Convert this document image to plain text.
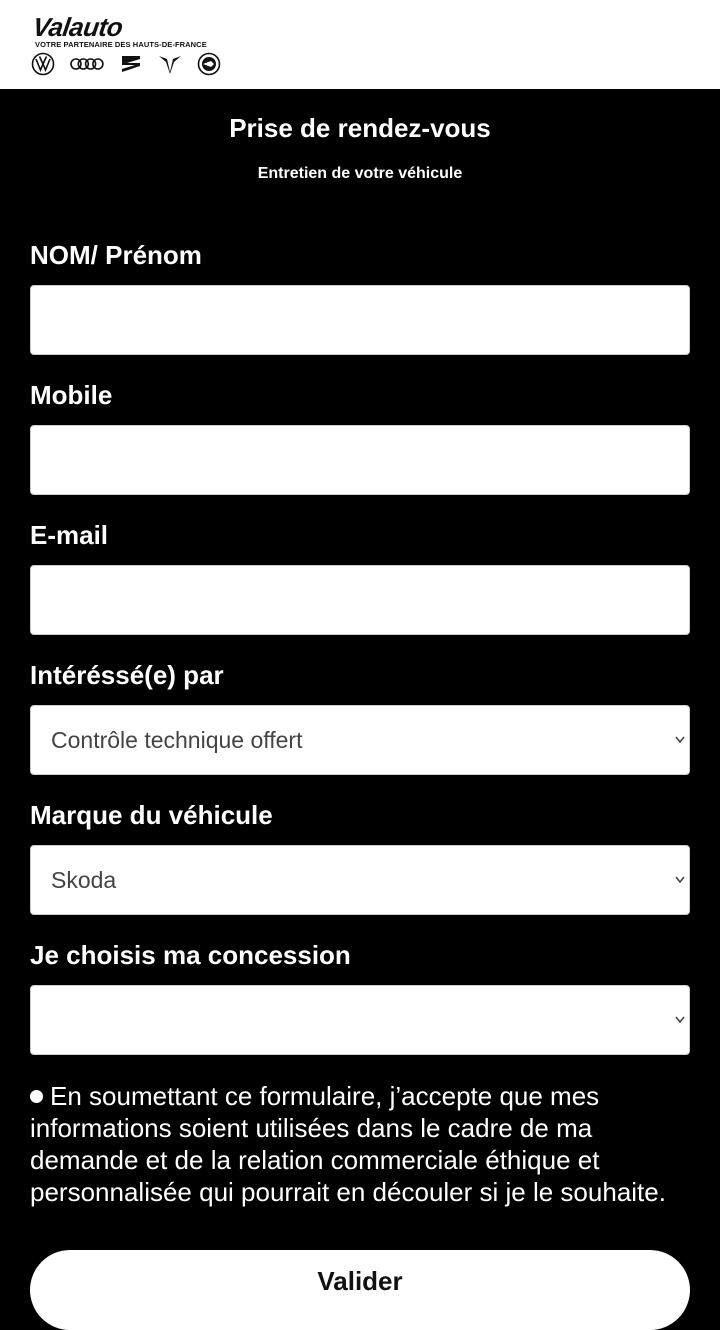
Valauto
VOTRE PARTENAIRE DES HAUTS-DE-FRANCE
Prise de rendez-vous
Entretien de votre véhicule
NOM/ Prénom
Mobile
E-mail
Intéréssé(e) par
Contrôle technique offert
Marque du véhicule
Skoda
Je choisis ma concession
En soumettant ce formulaire, j’accepte que mes informations soient utilisées dans le cadre de ma demande et de la relation commerciale éthique et personnalisée qui pourrait en découler si je le souhaite.
Valider
